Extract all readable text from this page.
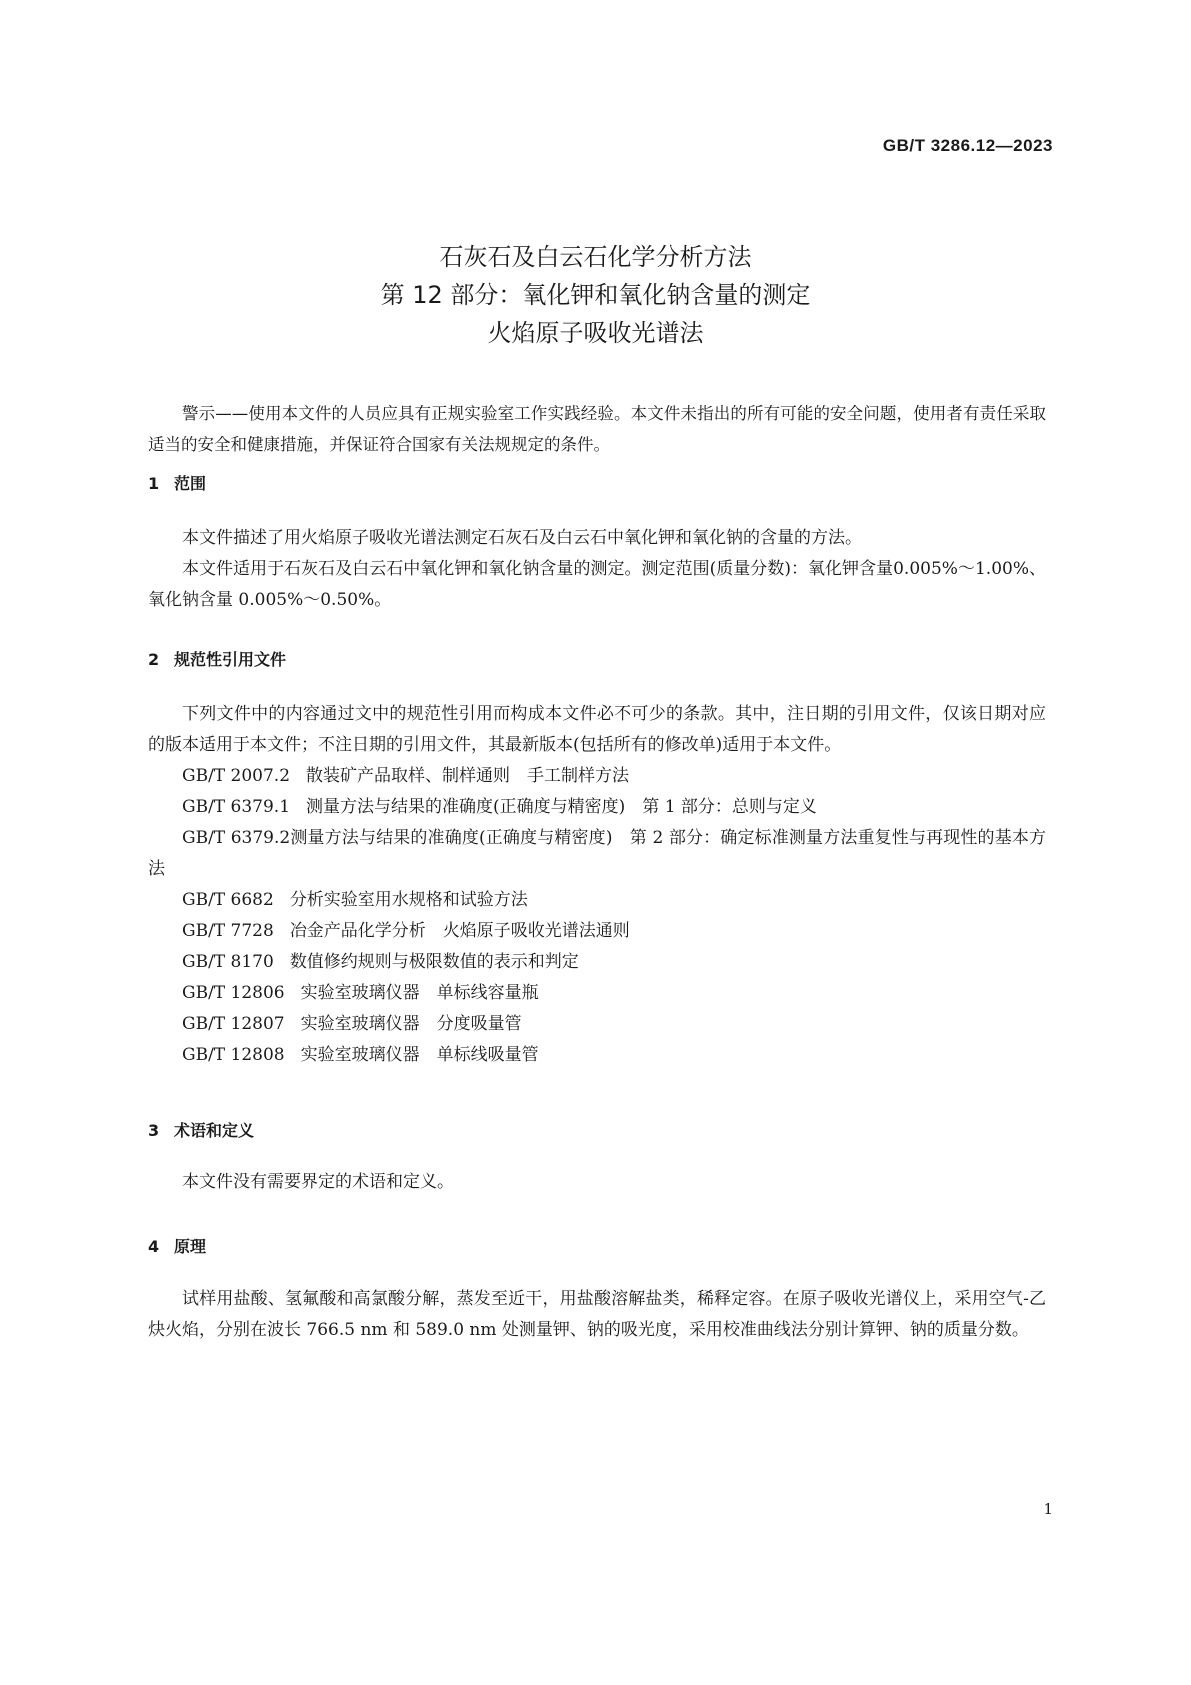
GB/T 3286.12—2023
石灰石及白云石化学分析方法
第 12 部分：氧化钾和氧化钠含量的测定
火焰原子吸收光谱法

警示——使用本文件的人员应具有正规实验室工作实践经验。本文件未指出的所有可能的安全问题，使用者有责任采取适当的安全和健康措施，并保证符合国家有关法规规定的条件。

1 范围

本文件描述了用火焰原子吸收光谱法测定石灰石及白云石中氧化钾和氧化钠的含量的方法。

本文件适用于石灰石及白云石中氧化钾和氧化钠含量的测定。测定范围(质量分数)：氧化钾含量0.005%～1.00%、氧化钠含量 0.005%～0.50%。

2 规范性引用文件

下列文件中的内容通过文中的规范性引用而构成本文件必不可少的条款。其中，注日期的引用文件，仅该日期对应的版本适用于本文件；不注日期的引用文件，其最新版本(包括所有的修改单)适用于本文件。

GB/T 2007.2 散装矿产品取样、制样通则　手工制样方法

GB/T 6379.1 测量方法与结果的准确度(正确度与精密度)　第 1 部分：总则与定义

GB/T 6379.2测量方法与结果的准确度(正确度与精密度)　第 2 部分：确定标准测量方法重复性与再现性的基本方法

GB/T 6682 分析实验室用水规格和试验方法

GB/T 7728 冶金产品化学分析　火焰原子吸收光谱法通则

GB/T 8170 数值修约规则与极限数值的表示和判定

GB/T 12806 实验室玻璃仪器　单标线容量瓶

GB/T 12807 实验室玻璃仪器　分度吸量管

GB/T 12808 实验室玻璃仪器　单标线吸量管

3 术语和定义

本文件没有需要界定的术语和定义。

4 原理

试样用盐酸、氢氟酸和高氯酸分解，蒸发至近干，用盐酸溶解盐类，稀释定容。在原子吸收光谱仪上，采用空气-乙炔火焰，分别在波长 766.5 nm 和 589.0 nm 处测量钾、钠的吸光度，采用校准曲线法分别计算钾、钠的质量分数。

1
